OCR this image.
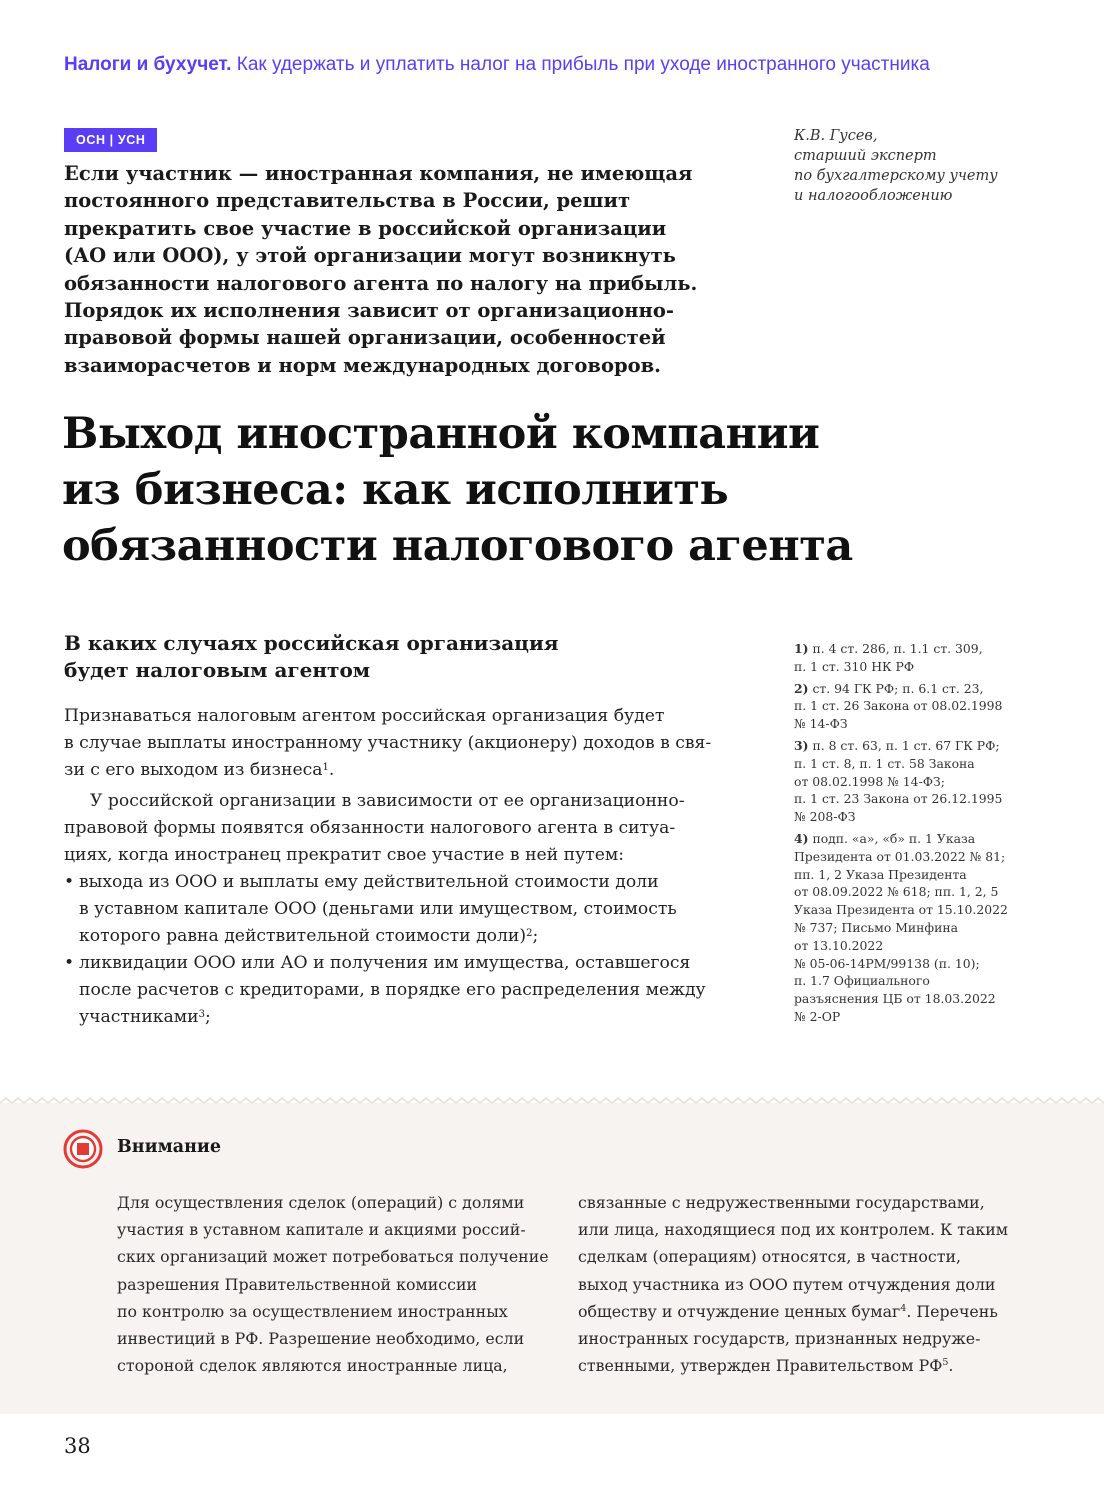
Налоги и бухучет. Как удержать и уплатить налог на прибыль при уходе иностранного участника
ОСН | УСН	К.В. Гусев,
старший эксперт
по бухгалтерскому учету
и налогообложению
Если участник — иностранная компания, не имеющая
постоянного представительства в России, решит
прекратить свое участие в российской организации
(АО или ООО), у этой организации могут возникнуть
обязанности налогового агента по налогу на прибыль.
Порядок их исполнения зависит от организационно-
правовой формы нашей организации, особенностей
взаиморасчетов и норм международных договоров.
Выход иностранной компании
из бизнеса: как исполнить
обязанности налогового агента
В каких случаях российская организация
будет налоговым агентом
Признаваться налоговым агентом российская организация будет
в случае выплаты иностранному участнику (акционеру) доходов в свя-
зи с его выходом из бизнеса$^1$.
У российской организации в зависимости от ее организационно-
правовой формы появятся обязанности налогового агента в ситуа-
циях, когда иностранец прекратит свое участие в ней путем:
• выхода из ООО и выплаты ему действительной стоимости доли
в уставном капитале ООО (деньгами или имуществом, стоимость
которого равна действительной стоимости доли)$^2$;
• ликвидации ООО или АО и получения им имущества, оставшегося
после расчетов с кредиторами, в порядке его распределения между
участниками$^3$;
1) п. 4 ст. 286, п. 1.1 ст. 309,
п. 1 ст. 310 НК РФ
2) ст. 94 ГК РФ; п. 6.1 ст. 23,
п. 1 ст. 26 Закона от 08.02.1998
№ 14-ФЗ
3) п. 8 ст. 63, п. 1 ст. 67 ГК РФ;
п. 1 ст. 8, п. 1 ст. 58 Закона
от 08.02.1998 № 14-ФЗ;
п. 1 ст. 23 Закона от 26.12.1995
№ 208-ФЗ
4) подп. «а», «б» п. 1 Указа
Президента от 01.03.2022 № 81;
пп. 1, 2 Указа Президента
от 08.09.2022 № 618; пп. 1, 2, 5
Указа Президента от 15.10.2022
№ 737; Письмо Минфина
от 13.10.2022
№ 05-06-14РМ/99138 (п. 10);
п. 1.7 Официального
разъяснения ЦБ от 18.03.2022
№ 2-ОР
Внимание
Для осуществления сделок (операций) с долями
участия в уставном капитале и акциями россий-
ских организаций может потребоваться получение
разрешения Правительственной комиссии
по контролю за осуществлением иностранных
инвестиций в РФ. Разрешение необходимо, если
стороной сделок являются иностранные лица,
связанные с недружественными государствами,
или лица, находящиеся под их контролем. К таким
сделкам (операциям) относятся, в частности,
выход участника из ООО путем отчуждения доли
обществу и отчуждение ценных бумаг$^4$. Перечень
иностранных государств, признанных недруже-
ственными, утвержден Правительством $РФ^5$.
38
